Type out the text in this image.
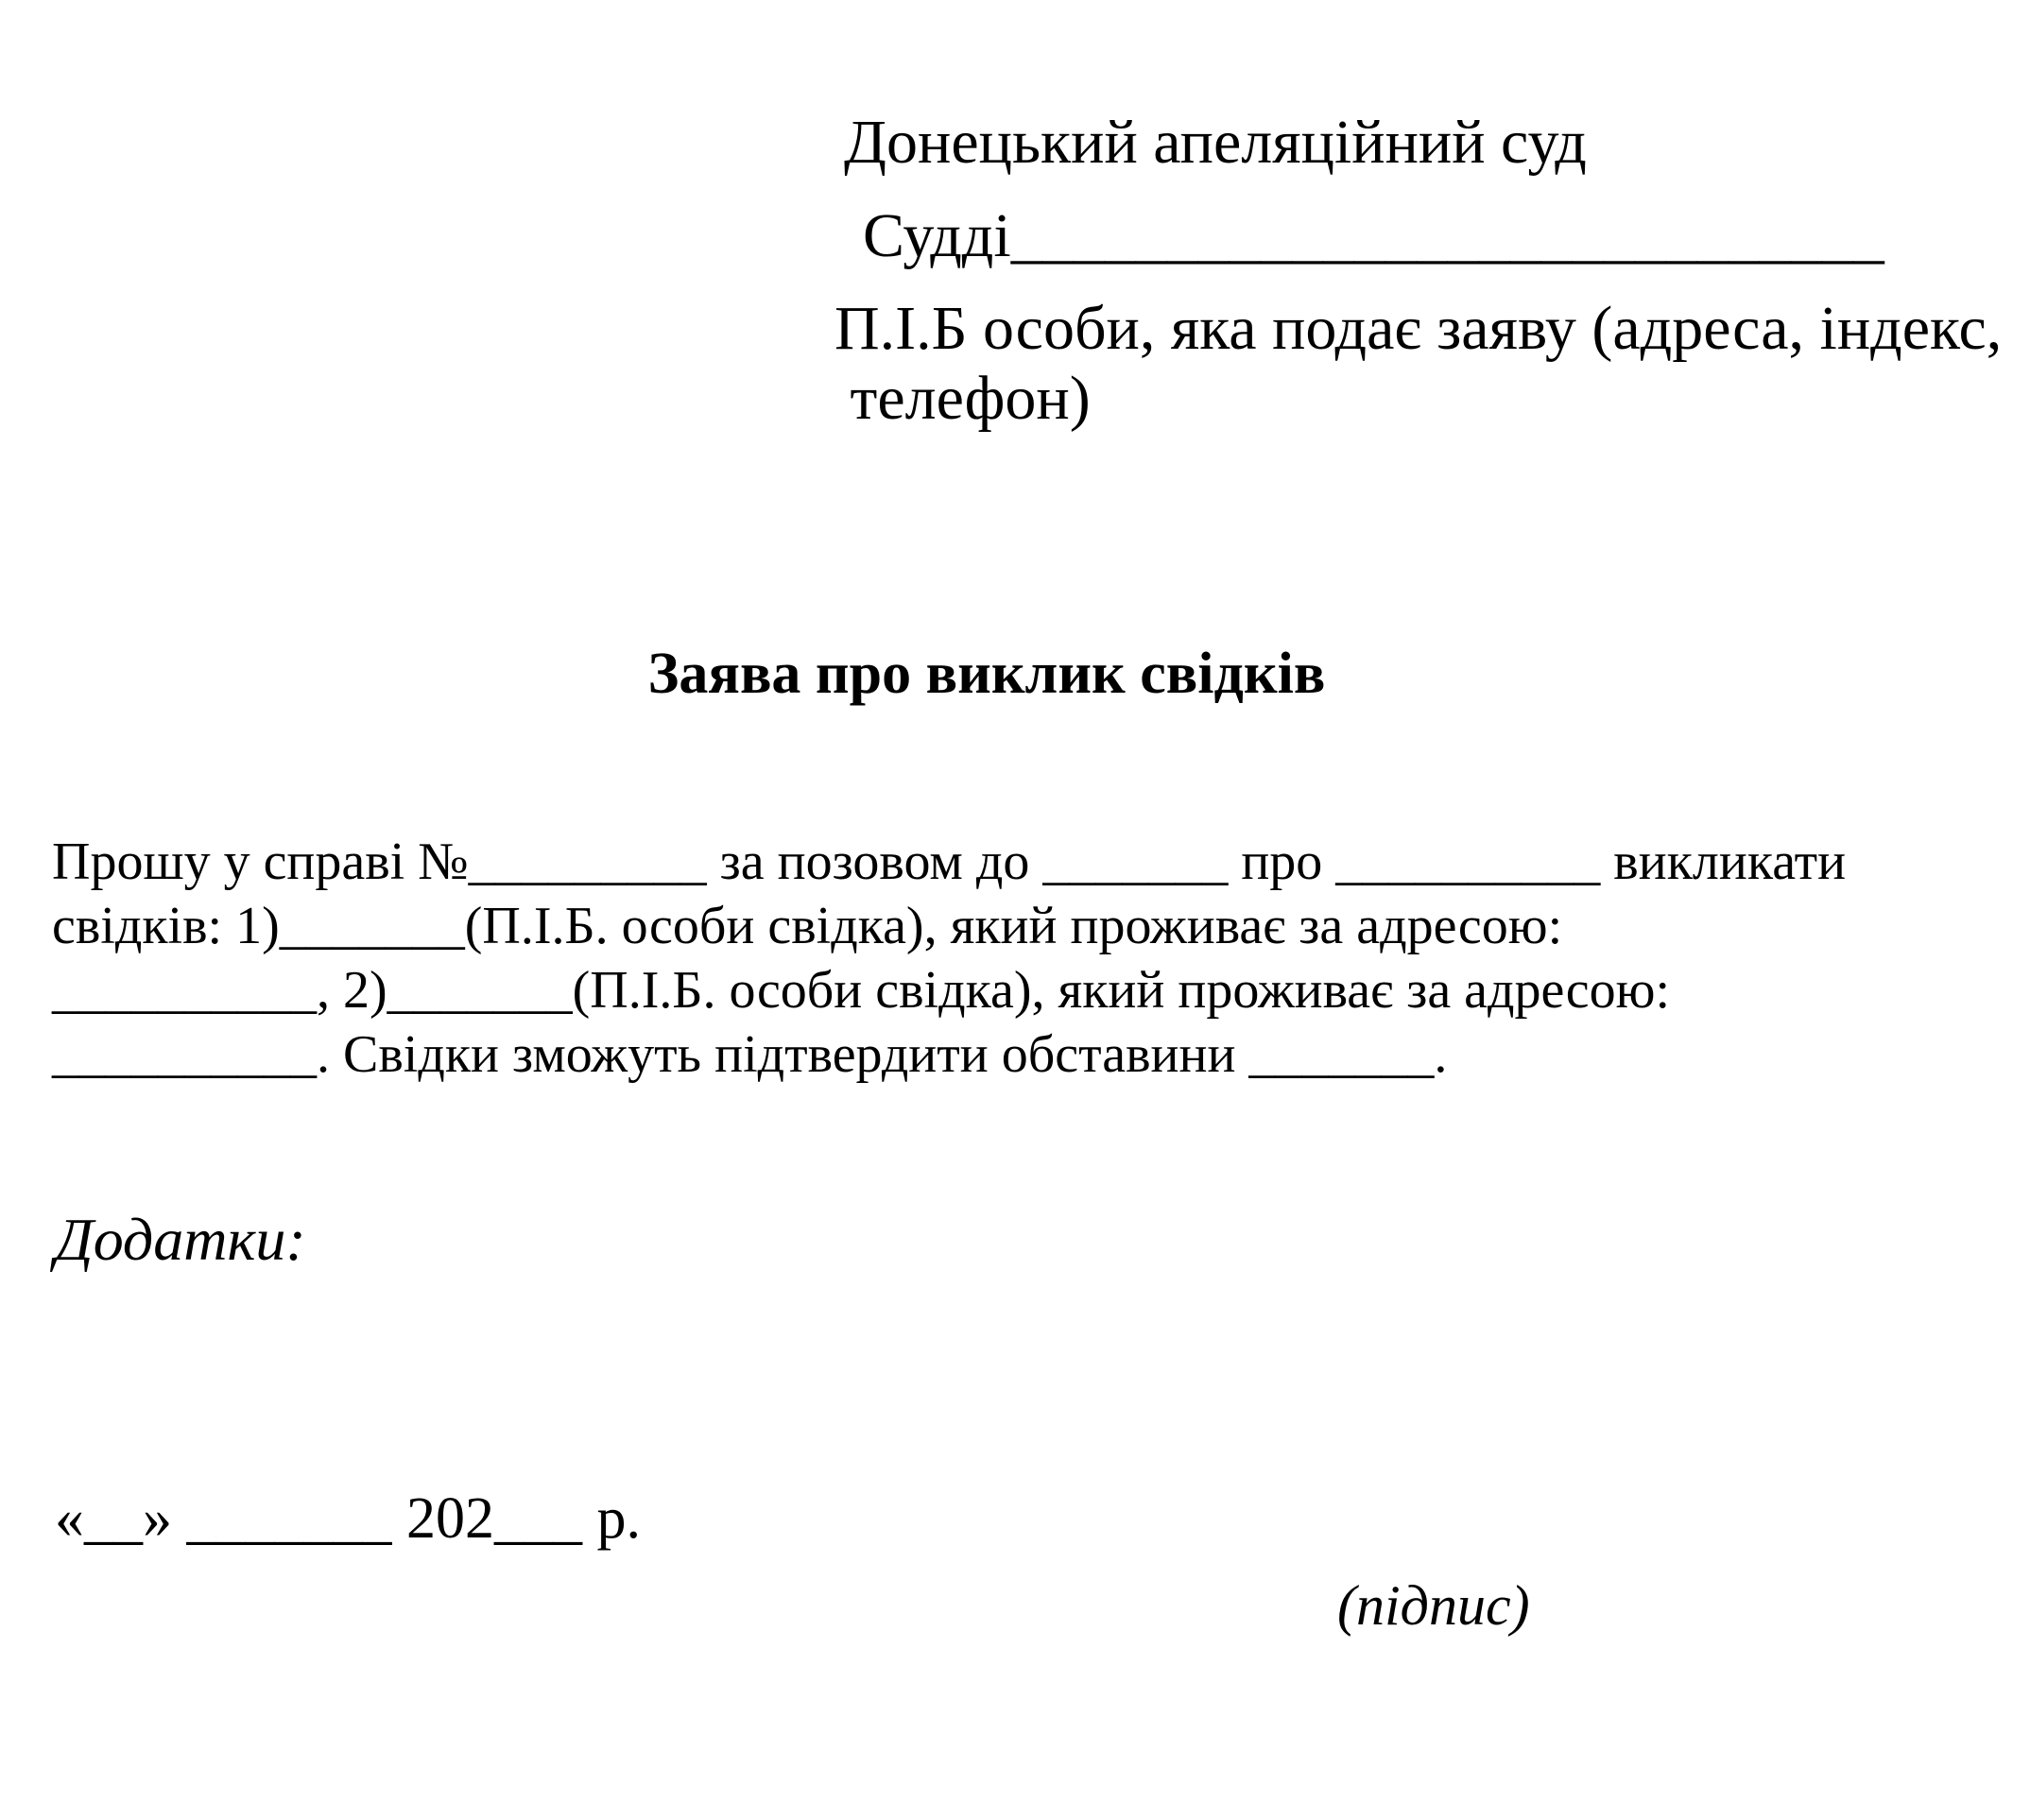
Донецький апеляційний суд
Судді____________________________
П.І.Б особи, яка подає заяву (адреса, індекс,
телефон)
Заява про виклик свідків
Прошу у справі №_________ за позовом до _______ про __________ викликати
свідків: 1)_______(П.І.Б. особи свідка), який проживає за адресою:
__________, 2)_______(П.І.Б. особи свідка), який проживає за адресою:
__________. Свідки зможуть підтвердити обставини _______.
Додатки:
«__» _______ 202___ р.
(підпис)
